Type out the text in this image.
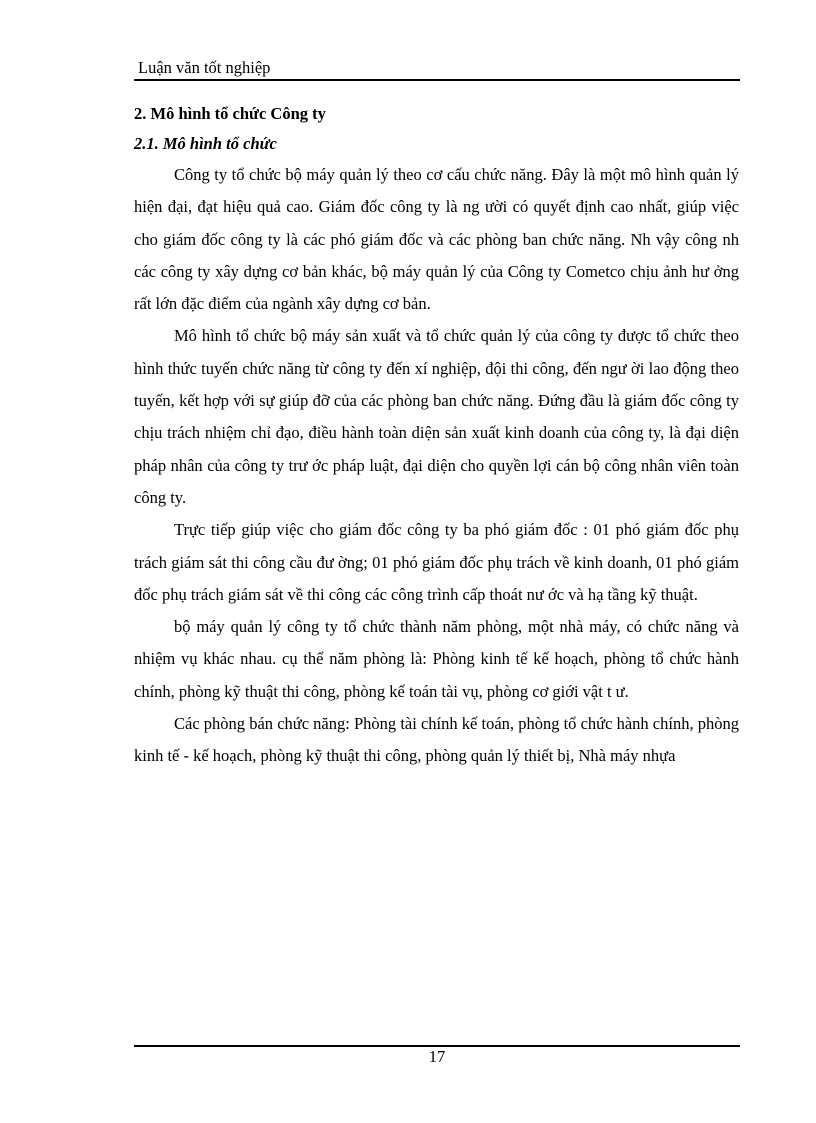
Luận văn tốt nghiệp

2. Mô hình tổ chức Công ty

2.1. Mô hình tổ chức

Công ty tổ chức bộ máy quản lý theo cơ cấu chức năng. Đây là một mô hình quản lý hiện đại, đạt hiệu quả cao. Giám đốc công ty là ng ười có quyết định cao nhất, giúp việc cho giám đốc công ty là các phó giám đốc và các phòng ban chức năng. Nh vậy công nh các công ty xây dựng cơ bản khác, bộ máy quản lý của Công ty Cometco chịu ảnh hư ởng rất lớn đặc điểm của ngành xây dựng cơ bản.

Mô hình tổ chức bộ máy sản xuất và tổ chức quản lý của công ty được tổ chức theo hình thức tuyến chức năng từ công ty đến xí nghiệp, đội thi công, đến ngư ời lao động theo tuyến, kết hợp với sự giúp đỡ của các phòng ban chức năng. Đứng đầu là giám đốc công ty chịu trách nhiệm chỉ đạo, điều hành toàn diện sản xuất kinh doanh của công ty, là đại diện pháp nhân của công ty trư ớc pháp luật, đại diện cho quyền lợi cán bộ công nhân viên toàn công ty.

Trực tiếp giúp việc cho giám đốc công ty ba phó giám đốc : 01 phó giám đốc phụ trách giám sát thi công cầu đư ờng; 01 phó giám đốc phụ trách về kinh doanh, 01 phó giám đốc phụ trách giám sát về thi công các công trình cấp thoát nư ớc và hạ tầng kỹ thuật.

bộ máy quản lý công ty tổ chức thành năm phòng, một nhà máy, có chức năng và nhiệm vụ khác nhau. cụ thể năm phòng là: Phòng kinh tế kế hoạch, phòng tổ chức hành chính, phòng kỹ thuật thi công, phòng kế toán tài vụ, phòng cơ giới vật t ư.

Các phòng bán chức năng: Phòng tài chính kế toán, phòng tổ chức hành chính, phòng kinh tế - kế hoạch, phòng kỹ thuật thi công, phòng quản lý thiết bị, Nhà máy nhựa

17
